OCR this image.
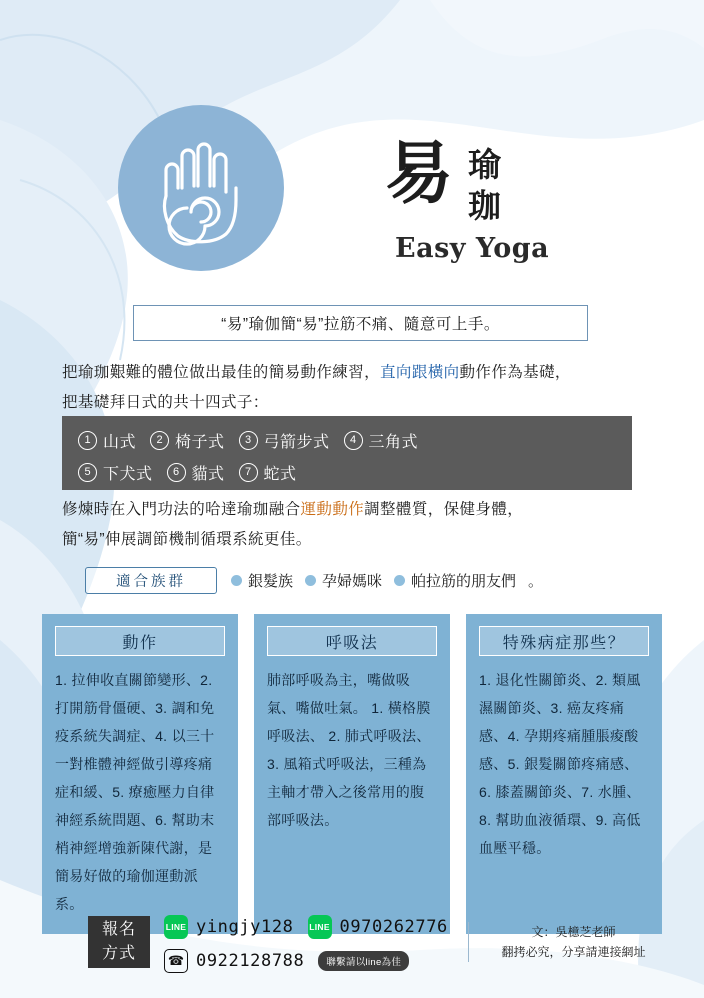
易 瑜
珈
Easy Yoga
“易”瑜伽簡“易”拉筋不痛、隨意可上手。
把瑜珈艱難的體位做出最佳的簡易動作練習，直向跟橫向動作作為基礎，
把基礎拜日式的共十四式子：
1 山式	2 椅子式	3 弓箭步式	4 三角式
5 下犬式	6 貓式	7 蛇式
修煉時在入門功法的哈達瑜珈融合運動動作調整體質，保健身體，
簡“易”伸展調節機制循環系統更佳。
適合族群	銀髮族 孕婦媽咪 帕拉筋的朋友們 。
動作
1. 拉伸收直關節變形、2. 打開筋骨僵硬、3. 調和免疫系統失調症、4. 以三十一對椎體神經做引導疼痛症和緩、5. 療癒壓力自律神經系統問題、6. 幫助末梢神經增強新陳代謝，是簡易好做的瑜伽運動派系。
呼吸法
肺部呼吸為主，嘴做吸氣、嘴做吐氣。 1. 橫格膜呼吸法、 2. 肺式呼吸法、 3. 風箱式呼吸法，三種為主軸才帶入之後常用的腹部呼吸法。
特殊病症那些？
1. 退化性關節炎、2. 類風濕關節炎、3. 癌友疼痛感、4. 孕期疼痛腫脹痠酸感、5. 銀髮關節疼痛感、6. 膝蓋關節炎、7. 水腫、8. 幫助血液循環、9. 高低血壓平穩。
報名
方式
LINE yingjy128 LINE 0970262776
☎ 0922128788	聯繫請以line為佳
文：吳檍芝老師
翻拷必究，分享請連接網址
